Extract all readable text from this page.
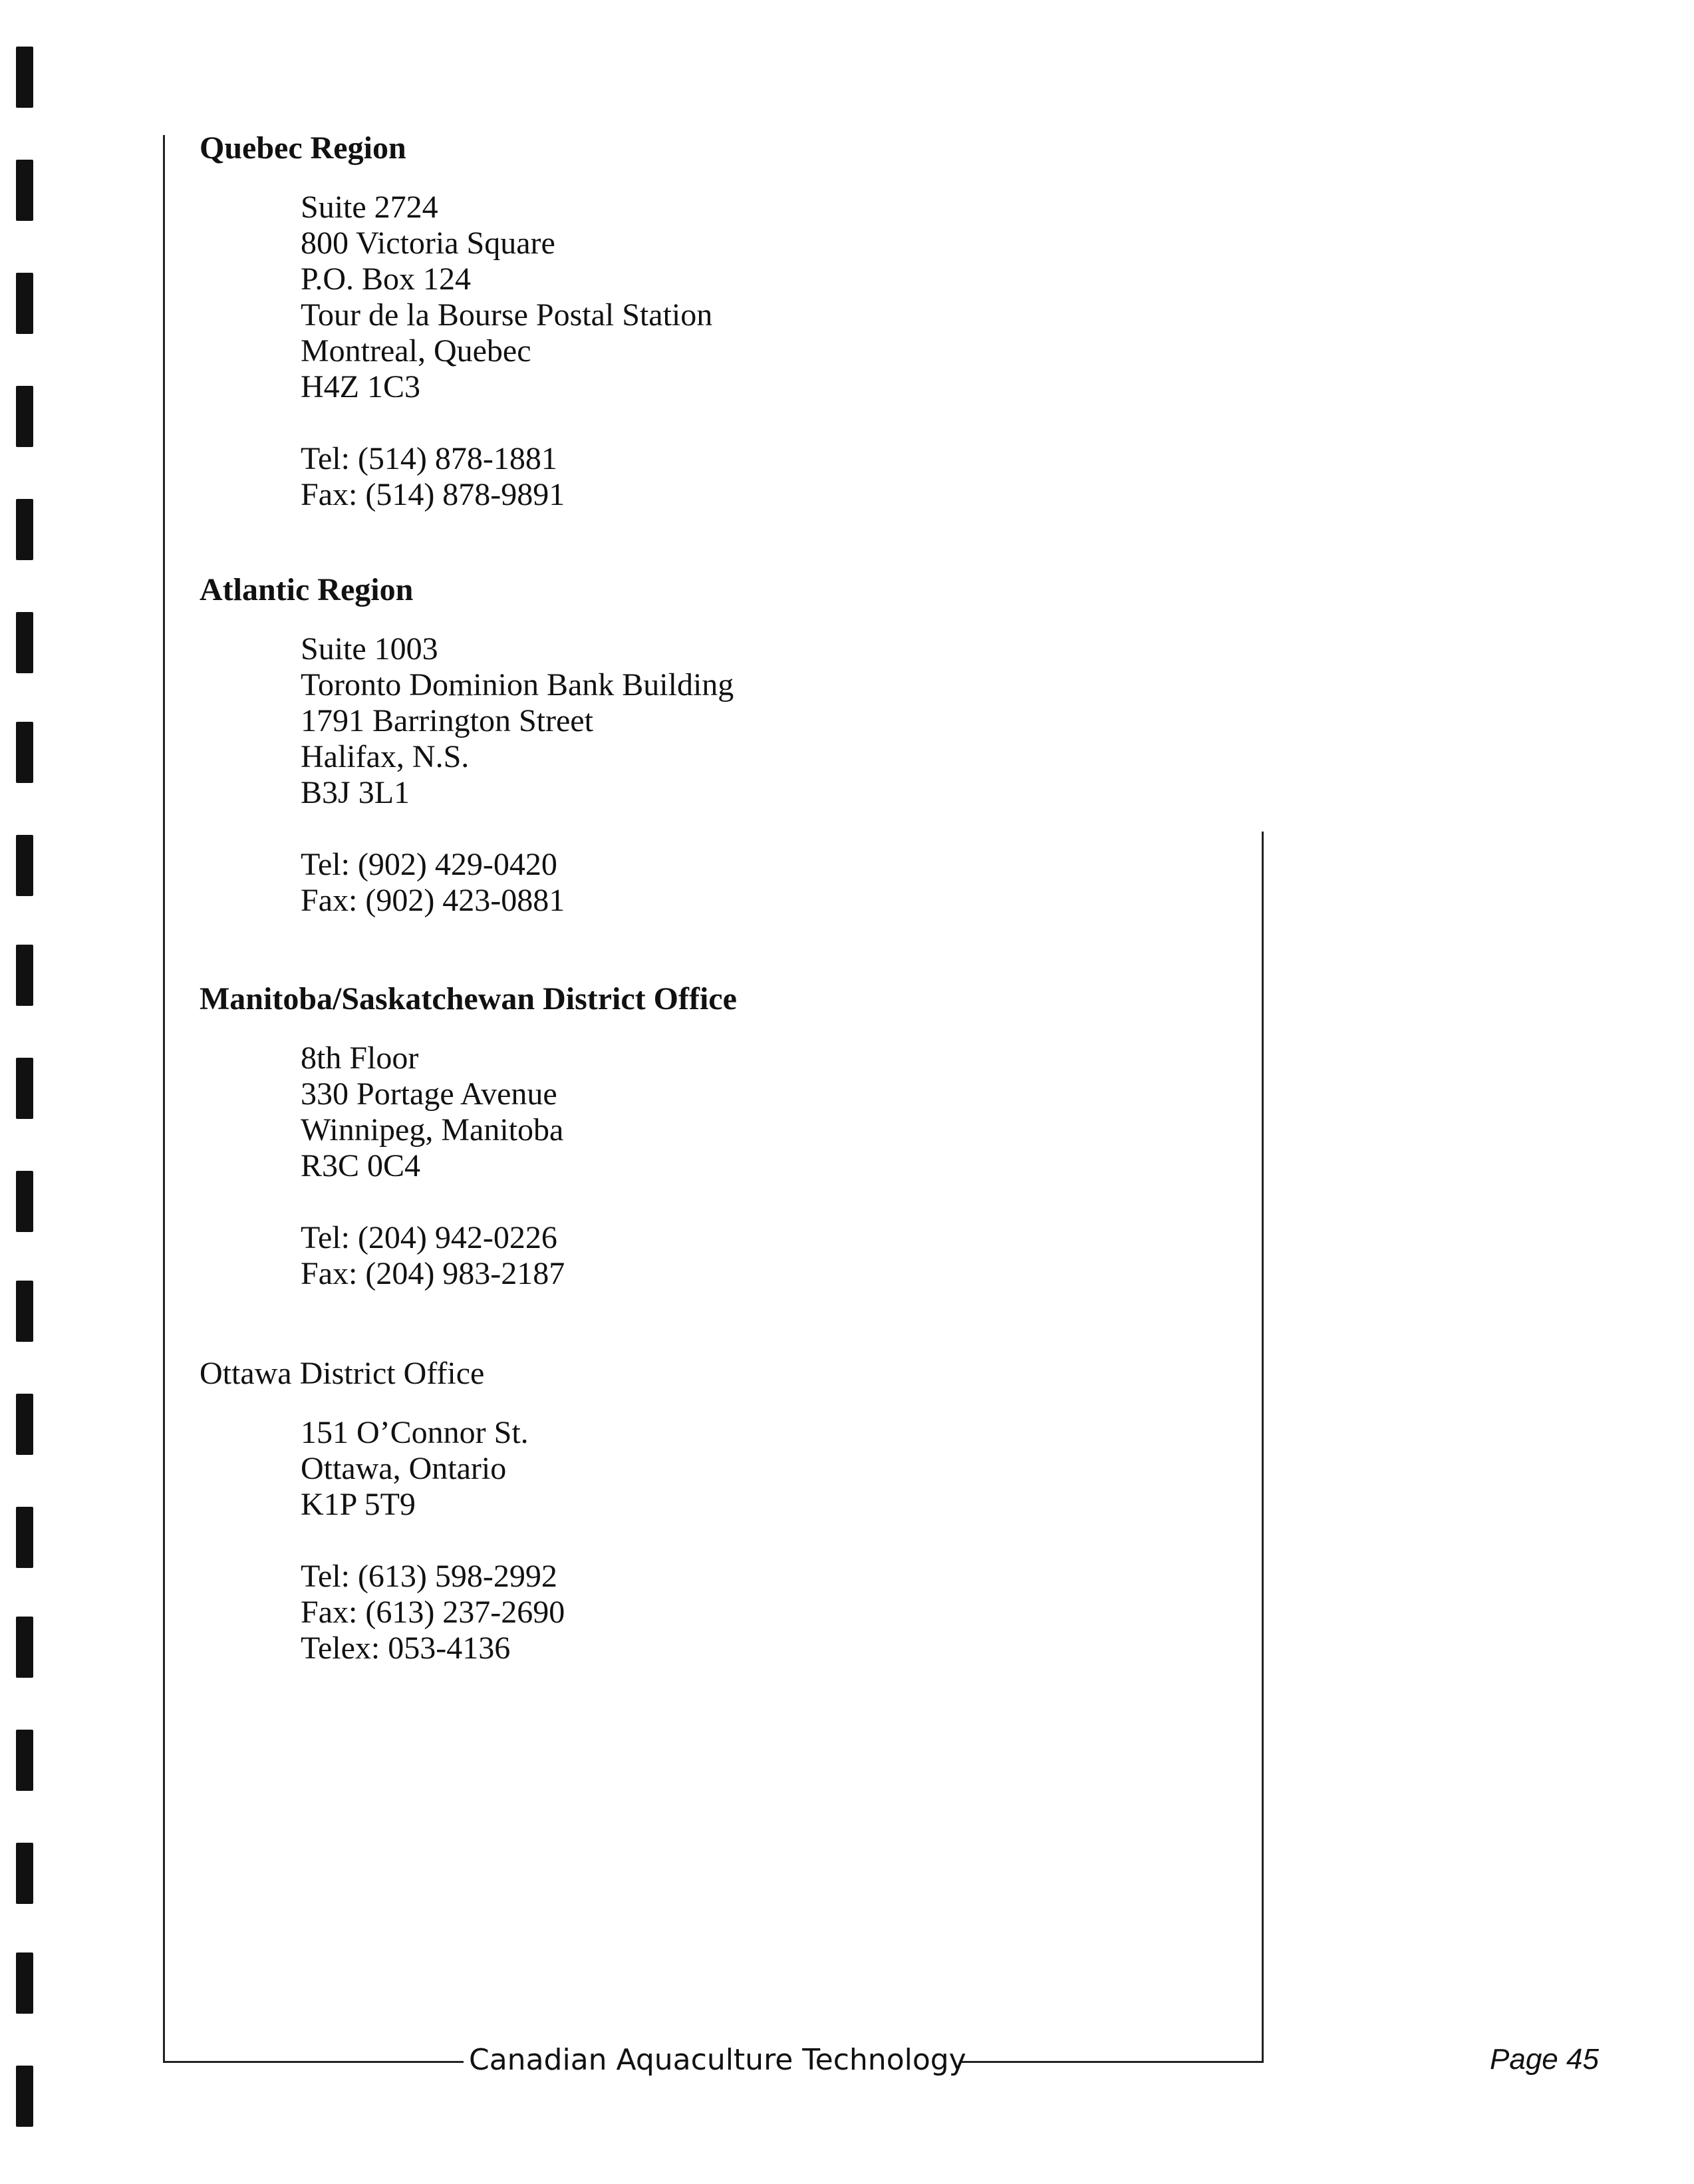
Quebec Region
Suite 2724
800 Victoria Square
P.O. Box 124
Tour de la Bourse Postal Station
Montreal, Quebec
H4Z 1C3
Tel: (514) 878-1881
Fax: (514) 878-9891
Atlantic Region
Suite 1003
Toronto Dominion Bank Building
1791 Barrington Street
Halifax, N.S.
B3J 3L1
Tel: (902) 429-0420
Fax: (902) 423-0881
Manitoba/Saskatchewan District Office
8th Floor
330 Portage Avenue
Winnipeg, Manitoba
R3C 0C4
Tel: (204) 942-0226
Fax: (204) 983-2187
Ottawa District Office
151 O’Connor St.
Ottawa, Ontario
K1P 5T9
Tel: (613) 598-2992
Fax: (613) 237-2690
Telex: 053-4136
Canadian Aquaculture Technology	Page 45
